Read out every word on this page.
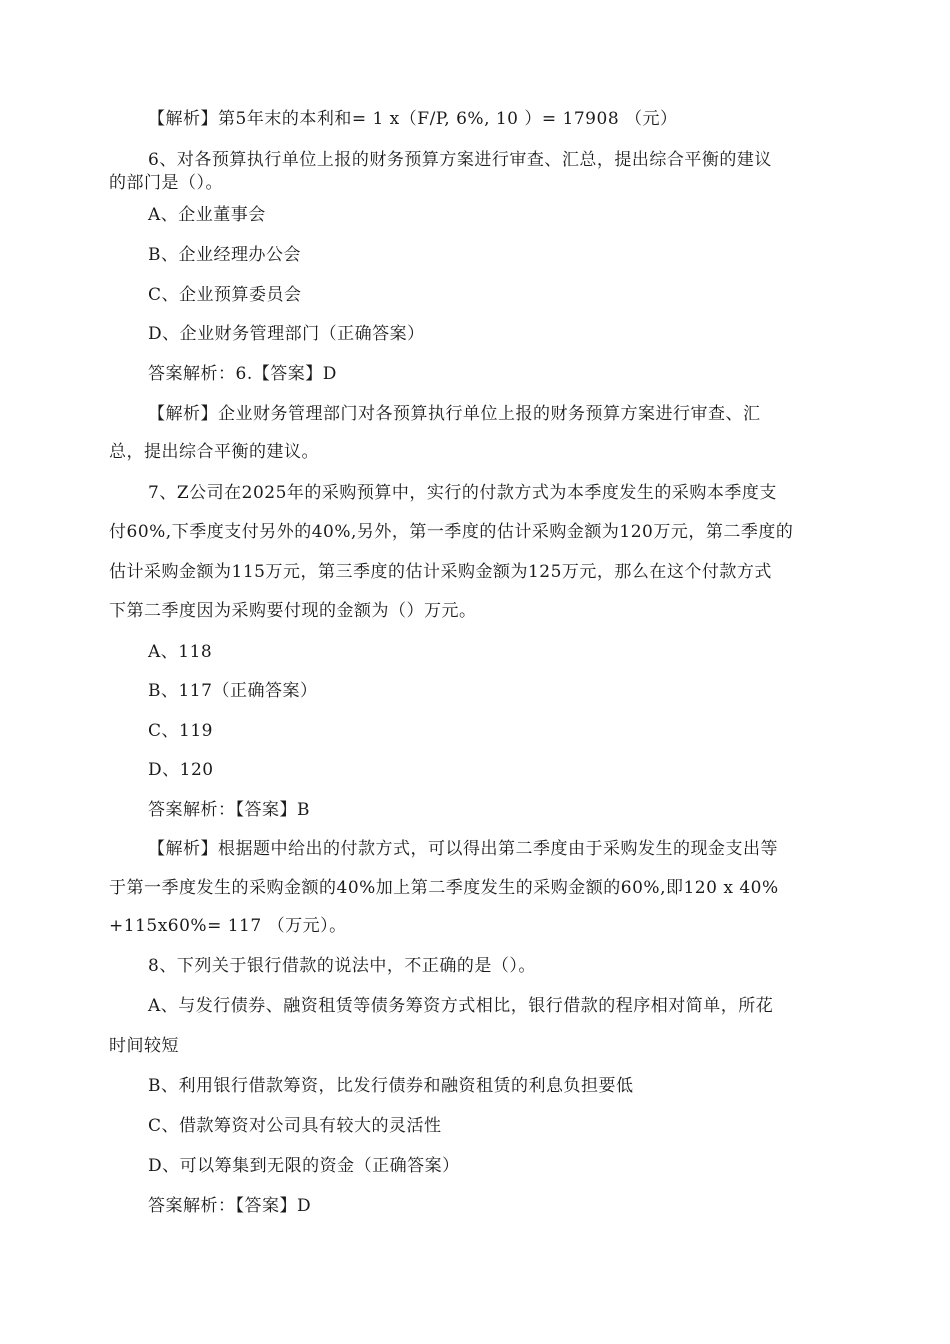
【解析】第5年末的本利和= 1 x（F/P, 6%, 10 ）= 17908 （元）
6、对各预算执行单位上报的财务预算方案进行审查、汇总，提出综合平衡的建议
的部门是（）。
A、企业董事会
B、企业经理办公会
C、企业预算委员会
D、企业财务管理部门（正确答案）
答案解析：6.【答案】D
【解析】企业财务管理部门对各预算执行单位上报的财务预算方案进行审查、汇
总，提出综合平衡的建议。
7、Z公司在2025年的采购预算中，实行的付款方式为本季度发生的采购本季度支
付60%,下季度支付另外的40%,另外，第一季度的估计采购金额为120万元，第二季度的
估计采购金额为115万元，第三季度的估计采购金额为125万元，那么在这个付款方式
下第二季度因为采购要付现的金额为（）万元。
A、118
B、117（正确答案）
C、119
D、120
答案解析：【答案】B
【解析】根据题中给出的付款方式，可以得出第二季度由于采购发生的现金支出等
于第一季度发生的采购金额的40%加上第二季度发生的采购金额的60%,即120 x 40%
+115x60%= 117 （万元）。
8、下列关于银行借款的说法中，不正确的是（）。
A、与发行债券、融资租赁等债务筹资方式相比，银行借款的程序相对简单，所花
时间较短
B、利用银行借款筹资，比发行债券和融资租赁的利息负担要低
C、借款筹资对公司具有较大的灵活性
D、可以筹集到无限的资金（正确答案）
答案解析：【答案】D
